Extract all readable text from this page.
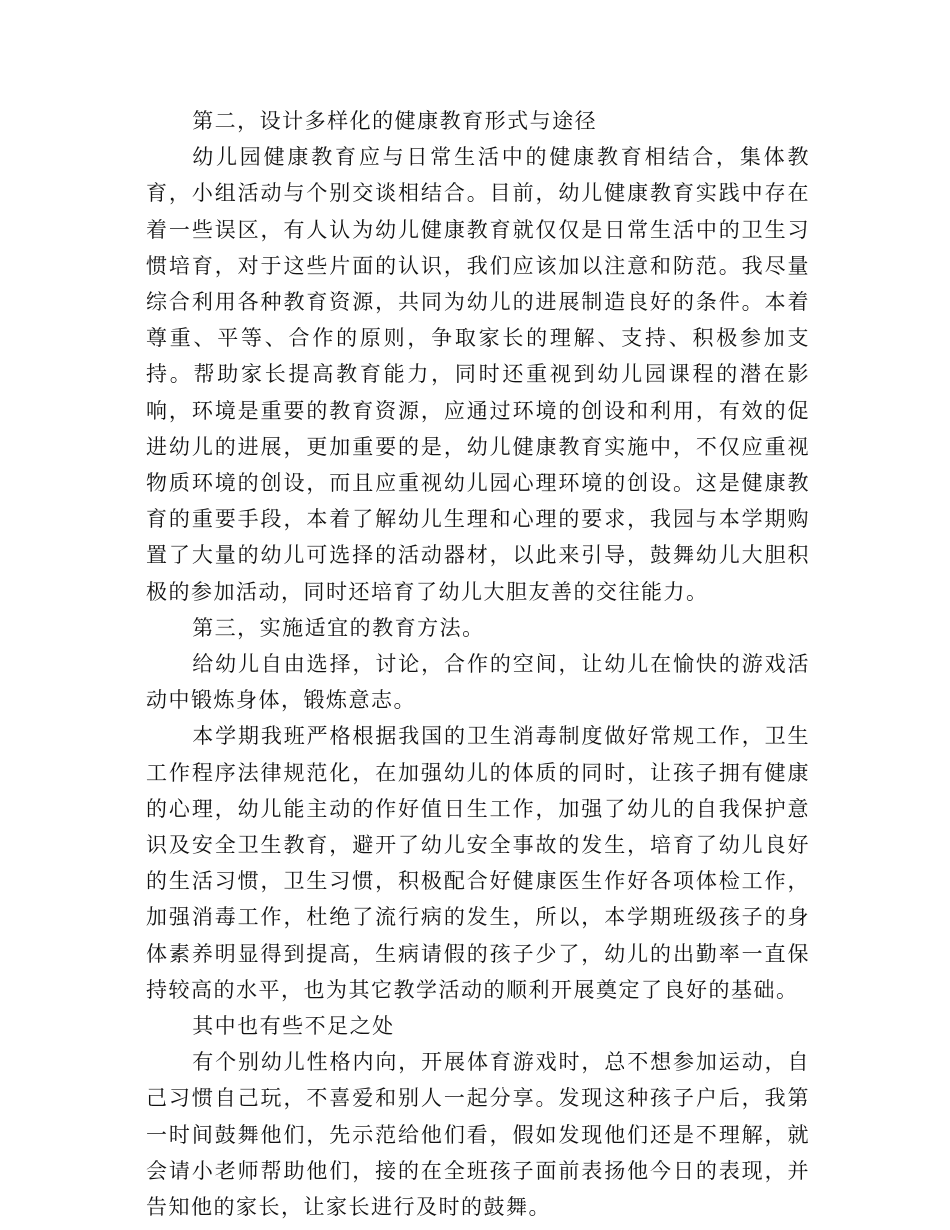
第二，设计多样化的健康教育形式与途径

幼儿园健康教育应与日常生活中的健康教育相结合，集体教育，小组活动与个别交谈相结合。目前，幼儿健康教育实践中存在着一些误区，有人认为幼儿健康教育就仅仅是日常生活中的卫生习惯培育，对于这些片面的认识，我们应该加以注意和防范。我尽量综合利用各种教育资源，共同为幼儿的进展制造良好的条件。本着尊重、平等、合作的原则，争取家长的理解、支持、积极参加支持。帮助家长提高教育能力，同时还重视到幼儿园课程的潜在影响，环境是重要的教育资源，应通过环境的创设和利用，有效的促进幼儿的进展，更加重要的是，幼儿健康教育实施中，不仅应重视物质环境的创设，而且应重视幼儿园心理环境的创设。这是健康教育的重要手段，本着了解幼儿生理和心理的要求，我园与本学期购置了大量的幼儿可选择的活动器材，以此来引导，鼓舞幼儿大胆积极的参加活动，同时还培育了幼儿大胆友善的交往能力。

第三，实施适宜的教育方法。

给幼儿自由选择，讨论，合作的空间，让幼儿在愉快的游戏活动中锻炼身体，锻炼意志。

本学期我班严格根据我国的卫生消毒制度做好常规工作，卫生工作程序法律规范化，在加强幼儿的体质的同时，让孩子拥有健康的心理，幼儿能主动的作好值日生工作，加强了幼儿的自我保护意识及安全卫生教育，避开了幼儿安全事故的发生，培育了幼儿良好的生活习惯，卫生习惯，积极配合好健康医生作好各项体检工作，加强消毒工作，杜绝了流行病的发生，所以，本学期班级孩子的身体素养明显得到提高，生病请假的孩子少了，幼儿的出勤率一直保持较高的水平，也为其它教学活动的顺利开展奠定了良好的基础。

其中也有些不足之处

有个别幼儿性格内向，开展体育游戏时，总不想参加运动，自己习惯自己玩，不喜爱和别人一起分享。发现这种孩子户后，我第一时间鼓舞他们，先示范给他们看，假如发现他们还是不理解，就会请小老师帮助他们，接的在全班孩子面前表扬他今日的表现，并告知他的家长，让家长进行及时的鼓舞。
